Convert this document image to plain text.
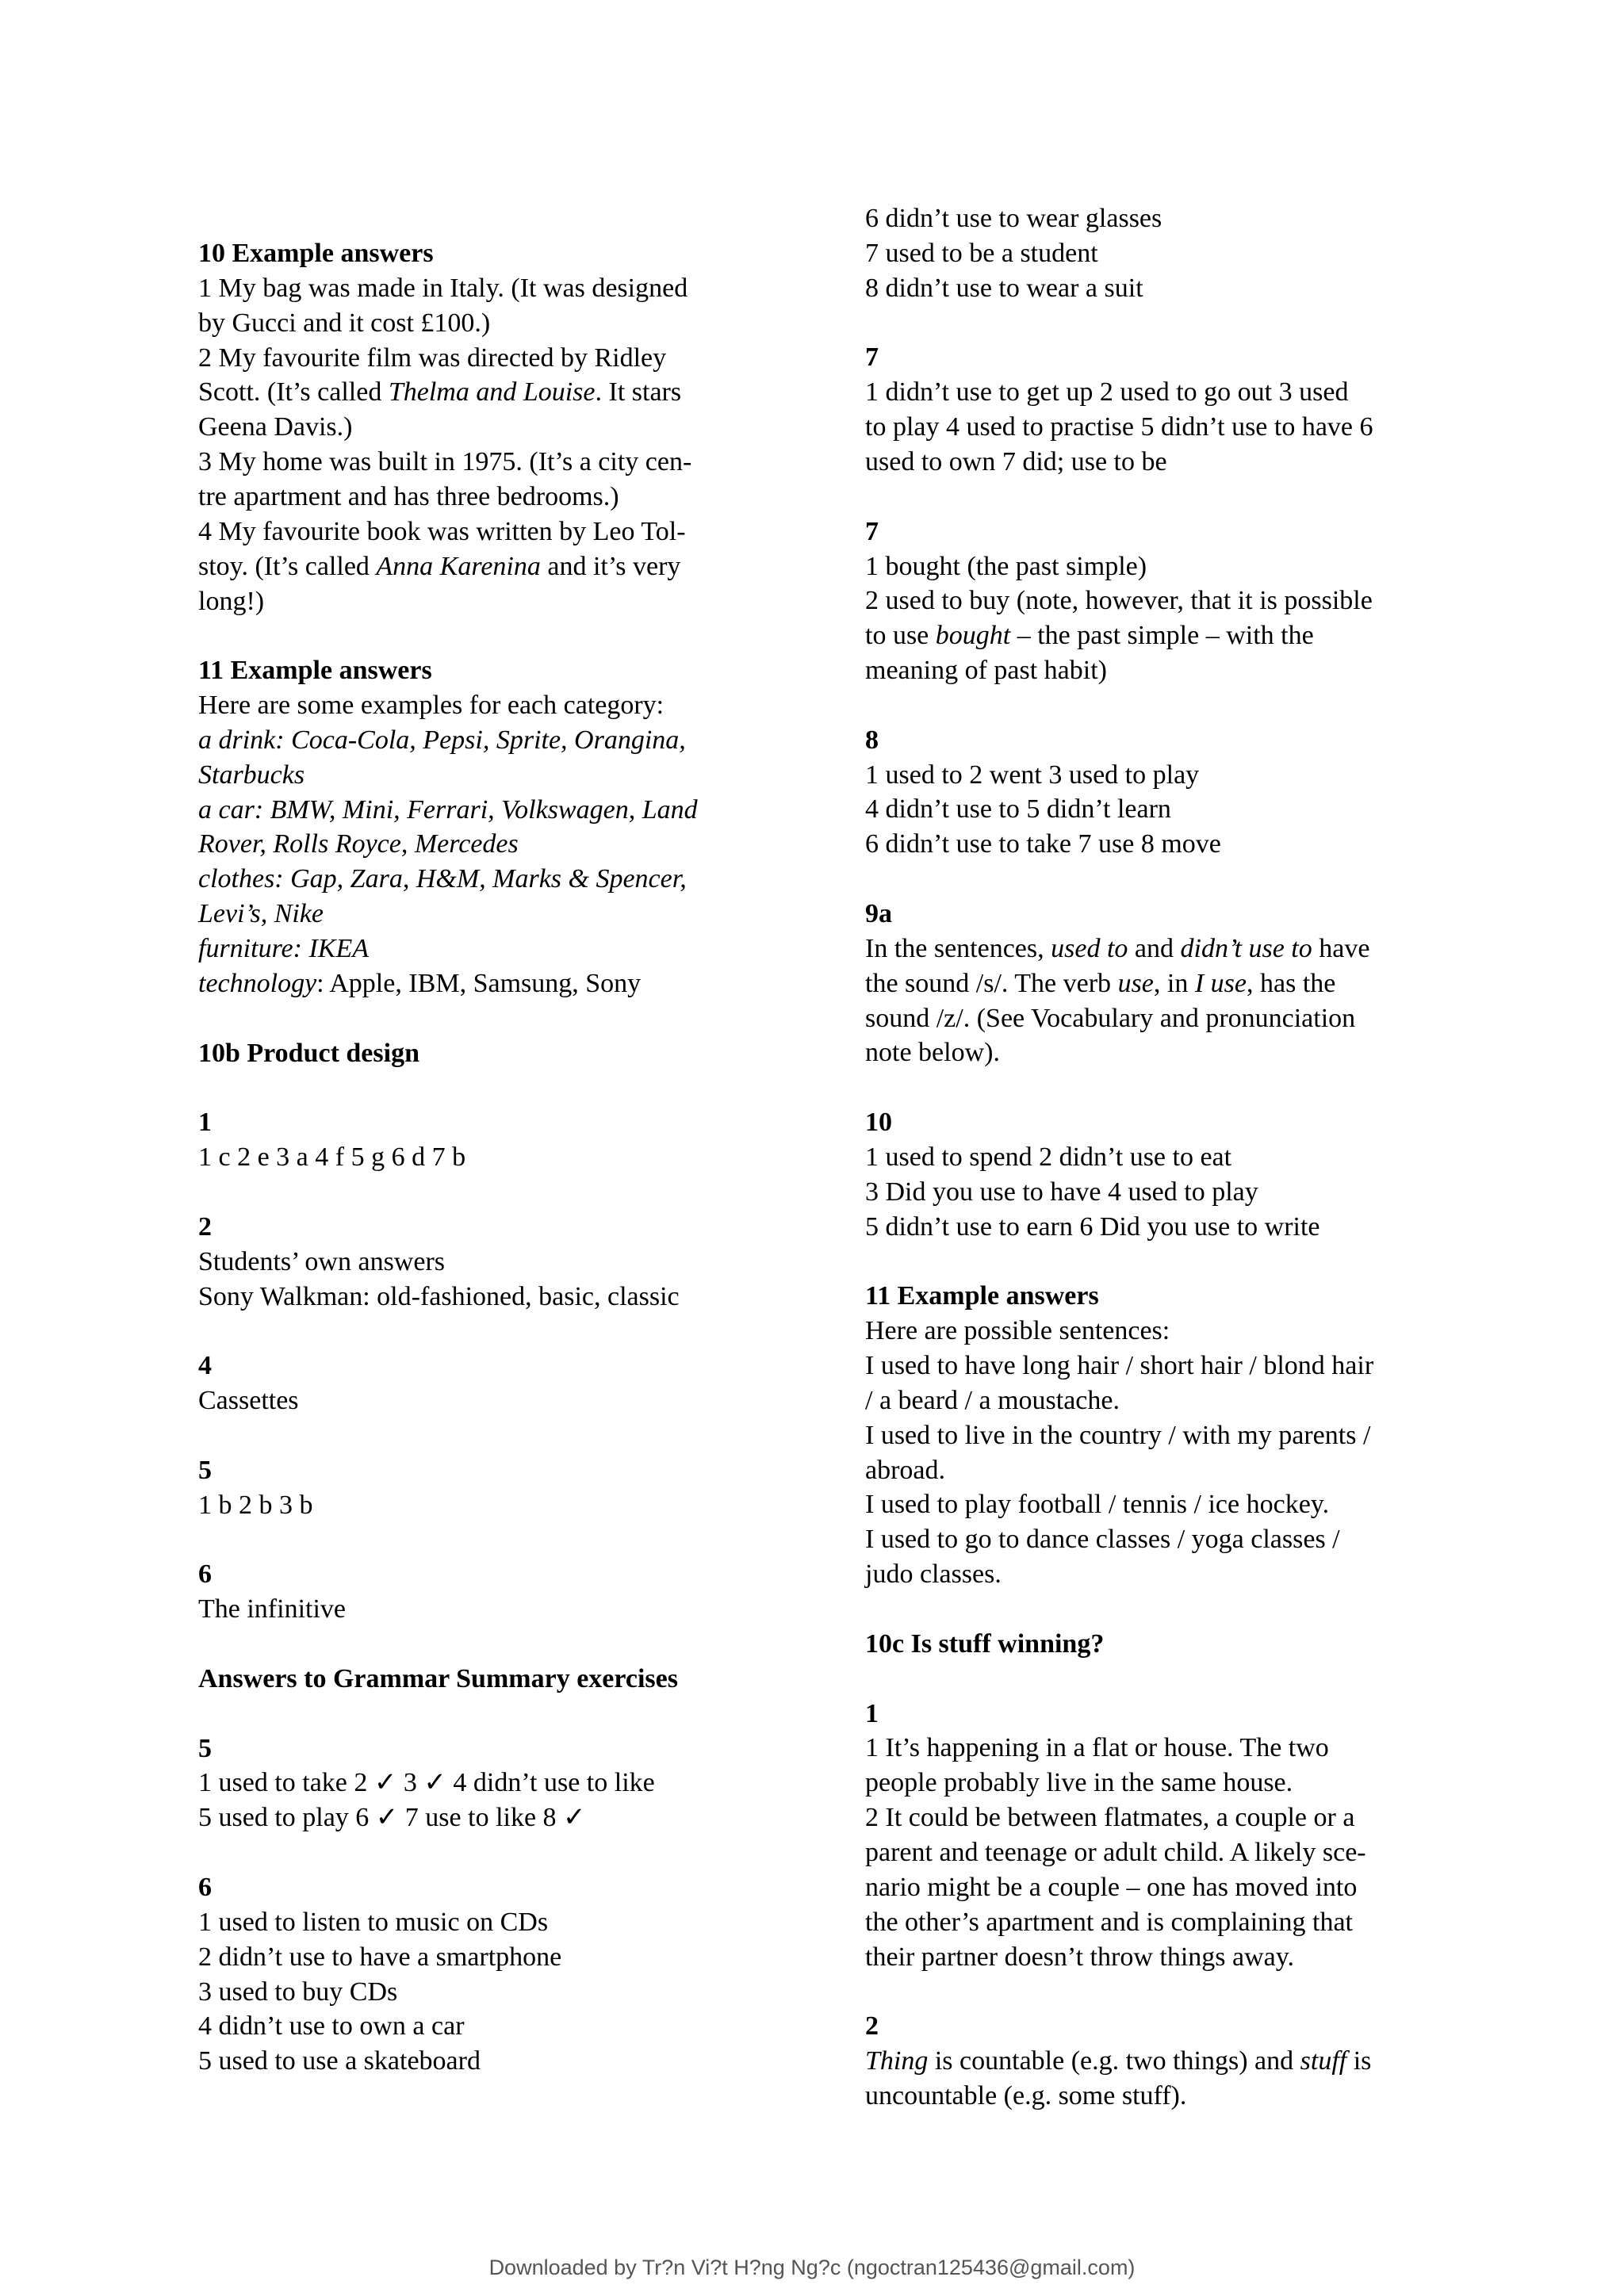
10 Example answers
1 My bag was made in Italy. (It was designed
by Gucci and it cost £100.)
2 My favourite film was directed by Ridley
Scott. (It’s called Thelma and Louise. It stars
Geena Davis.)
3 My home was built in 1975. (It’s a city cen-
tre apartment and has three bedrooms.)
4 My favourite book was written by Leo Tol-
stoy. (It’s called Anna Karenina and it’s very
long!)
11 Example answers
Here are some examples for each category:
a drink: Coca-Cola, Pepsi, Sprite, Orangina,
Starbucks
a car: BMW, Mini, Ferrari, Volkswagen, Land
Rover, Rolls Royce, Mercedes
clothes: Gap, Zara, H&M, Marks & Spencer,
Levi’s, Nike
furniture: IKEA
technology: Apple, IBM, Samsung, Sony
10b Product design
1
1 c 2 e 3 a 4 f 5 g 6 d 7 b
2
Students’ own answers
Sony Walkman: old-fashioned, basic, classic
4
Cassettes
5
1 b 2 b 3 b
6
The infinitive
Answers to Grammar Summary exercises
5
1 used to take 2 ✓ 3 ✓ 4 didn’t use to like
5 used to play 6 ✓ 7 use to like 8 ✓
6
1 used to listen to music on CDs
2 didn’t use to have a smartphone
3 used to buy CDs
4 didn’t use to own a car
5 used to use a skateboard
6 didn’t use to wear glasses
7 used to be a student
8 didn’t use to wear a suit
7
1 didn’t use to get up 2 used to go out 3 used
to play 4 used to practise 5 didn’t use to have 6
used to own 7 did; use to be
7
1 bought (the past simple)
2 used to buy (note, however, that it is possible
to use bought – the past simple – with the
meaning of past habit)
8
1 used to 2 went 3 used to play
4 didn’t use to 5 didn’t learn
6 didn’t use to take 7 use 8 move
9a
In the sentences, used to and didn’t use to have
the sound /s/. The verb use, in I use, has the
sound /z/. (See Vocabulary and pronunciation
note below).
10
1 used to spend 2 didn’t use to eat
3 Did you use to have 4 used to play
5 didn’t use to earn 6 Did you use to write
11 Example answers
Here are possible sentences:
I used to have long hair / short hair / blond hair
/ a beard / a moustache.
I used to live in the country / with my parents /
abroad.
I used to play football / tennis / ice hockey.
I used to go to dance classes / yoga classes /
judo classes.
10c Is stuff winning?
1
1 It’s happening in a flat or house. The two
people probably live in the same house.
2 It could be between flatmates, a couple or a
parent and teenage or adult child. A likely sce-
nario might be a couple – one has moved into
the other’s apartment and is complaining that
their partner doesn’t throw things away.
2
Thing is countable (e.g. two things) and stuff is
uncountable (e.g. some stuff).
Downloaded by Tr?n Vi?t H?ng Ng?c (ngoctran125436@gmail.com)
